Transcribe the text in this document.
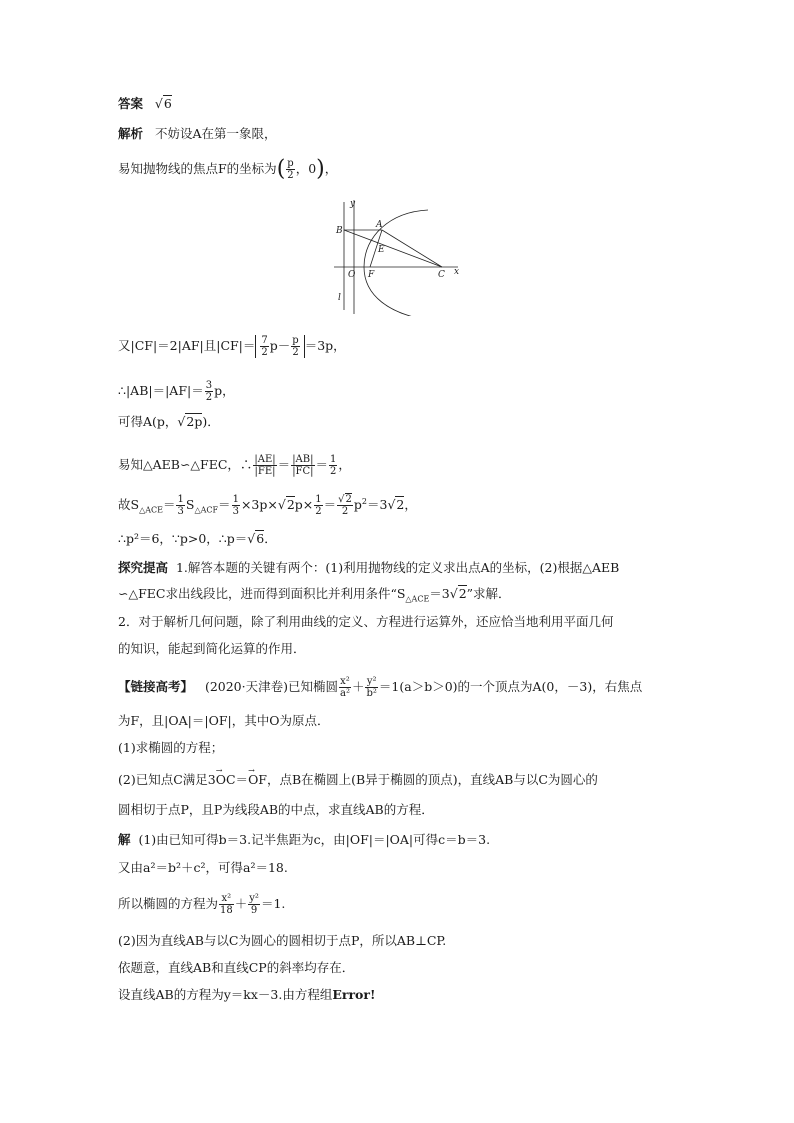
答案   √6
解析 不妨设A在第一象限，
易知抛物线的焦点F的坐标为( $\frac{p}{2}$ ，0)，
y
x
A
B
E
O F	C
l
又|CF|＝2|AF|且$|CF|= \frac{7}{2} p- \frac{p}{2} =3p$，
∴|AB|＝|AF|＝ $\frac{3}{2}$ p，
可得A(p，√2p)．
易知△AEB∽△FEC，∴ $\frac{|AE|}{|FE|} = \frac{|AB|}{|FC|} = \frac{1}{2}$ ，
故$S_{\triangle ACE}= \frac{1}{3} S_{\triangle ACF}= \frac{1}{3} \times 3p\times√2p\times \frac{1}{2} = \frac{√2}{2} p^2=3√2$，
∴p²＝6，∵p>0，∴p＝√6．
探究提高 1.解答本题的关键有两个：(1)利用抛物线的定义求出点A的坐标，(2)根据△AEB
∽△FEC求出线段比，进而得到面积比并利用条件“$S_{\triangle ACE}=3√2$”求解．
2．对于解析几何问题，除了利用曲线的定义、方程进行运算外，还应恰当地利用平面几何
的知识，能起到简化运算的作用．
【链接高考】 (2020·天津卷)已知椭圆 $\frac{\text{x²}}{\text{a²}} + \frac{\text{y²}}{\text{b²}} =1(a>b>0)$的一个顶点为A(0，－3)，右焦点
为F，且|OA|＝|OF|，其中O为原点．
(1)求椭圆的方程；
(2)已知点C满足3→ OC＝→ OF，点B在椭圆上(B异于椭圆的顶点)，直线AB与以C为圆心的
圆相切于点P，且P为线段AB的中点，求直线AB的方程．
解 (1)由已知可得b＝3.记半焦距为c，由|OF|＝|OA|可得c＝b＝3.
又由a²＝b²＋c²，可得a²＝18.
所以椭圆的方程为 $\frac{\text{x²}}{18} + \frac{\text{y²}}{9} =1$.
(2)因为直线AB与以C为圆心的圆相切于点P，所以AB⊥CP.
依题意，直线AB和直线CP的斜率均存在．
设直线AB的方程为y＝kx－3.由方程组Error!
